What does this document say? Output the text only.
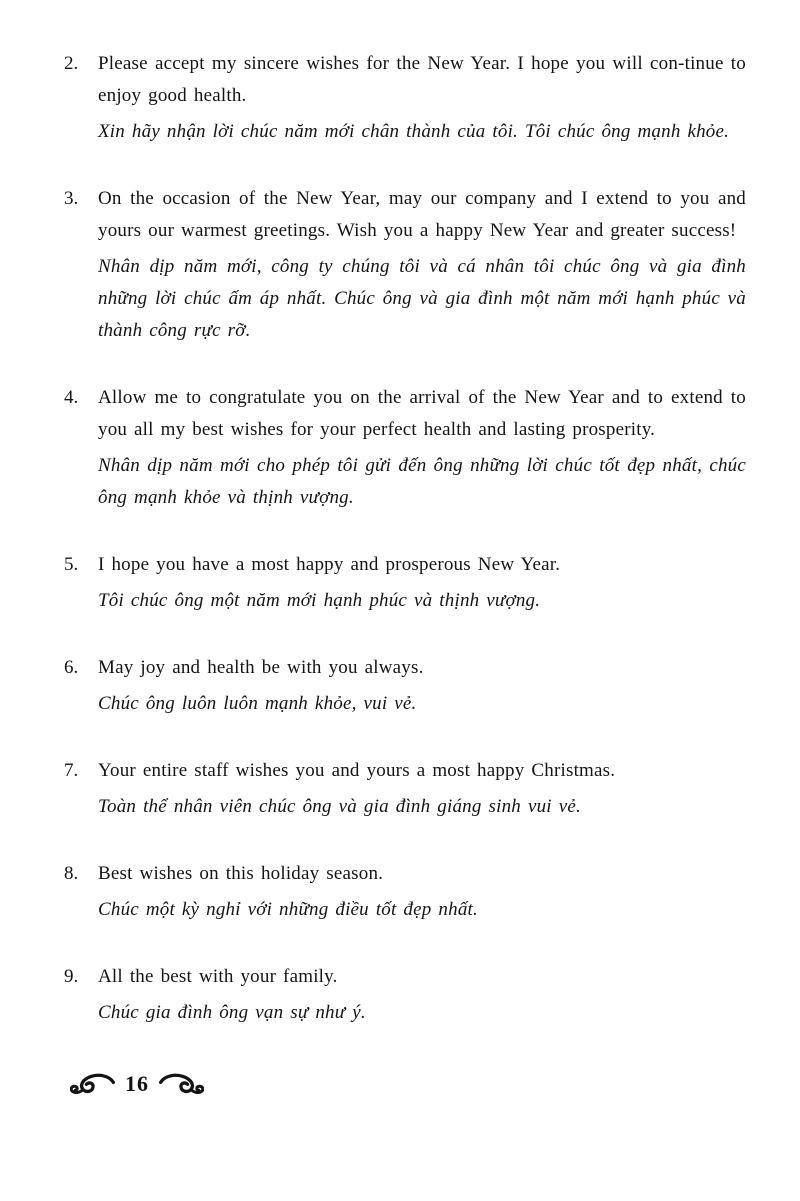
2.	Please accept my sincere wishes for the New Year. I hope you will con-tinue to enjoy good health.

Xin hãy nhận lời chúc năm mới chân thành của tôi. Tôi chúc ông mạnh khỏe.

3.	On the occasion of the New Year, may our company and I extend to you and yours our warmest greetings. Wish you a happy New Year and greater success!

Nhân dịp năm mới, công ty chúng tôi và cá nhân tôi chúc ông và gia đình những lời chúc ấm áp nhất. Chúc ông và gia đình một năm mới hạnh phúc và thành công rực rỡ.

4.	Allow me to congratulate you on the arrival of the New Year and to extend to you all my best wishes for your perfect health and lasting prosperity.

Nhân dịp năm mới cho phép tôi gửi đến ông những lời chúc tốt đẹp nhất, chúc ông mạnh khỏe và thịnh vượng.

5.	I hope you have a most happy and prosperous New Year.

Tôi chúc ông một năm mới hạnh phúc và thịnh vượng.

6.	May joy and health be with you always.

Chúc ông luôn luôn mạnh khỏe, vui vẻ.

7.	Your entire staff wishes you and yours a most happy Christmas.

Toàn thể nhân viên chúc ông và gia đình giáng sinh vui vẻ.

8.	Best wishes on this holiday season.

Chúc một kỳ nghỉ với những điều tốt đẹp nhất.

9.	All the best with your family.

Chúc gia đình ông vạn sự như ý.

16
